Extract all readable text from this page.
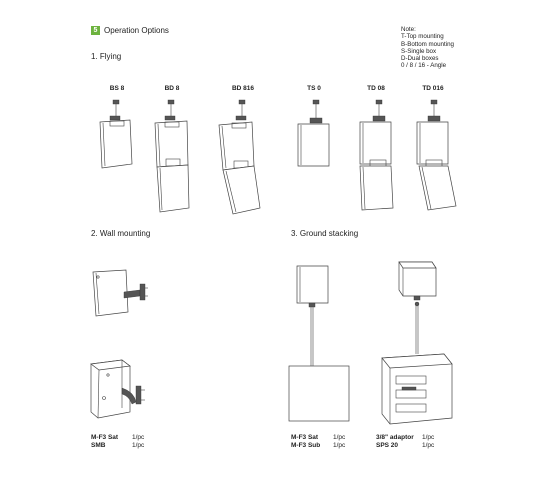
5 Operation Options	Note:
T-Top mounting
B-Bottom mounting
S-Single box
D-Dual boxes
0 / 8 / 16 - Angle
1. Flying
2. Wall mounting	3. Ground stacking
BS 8	BD 8	BD 816	TS 0	TD 08	TD 016
M-F3 Sat 1/pc
SMB	1/pc
M-F3 Sat 1/pc
M-F3 Sub 1/pc
3/8" adaptor 1/pc
SPS 20	1/pc
